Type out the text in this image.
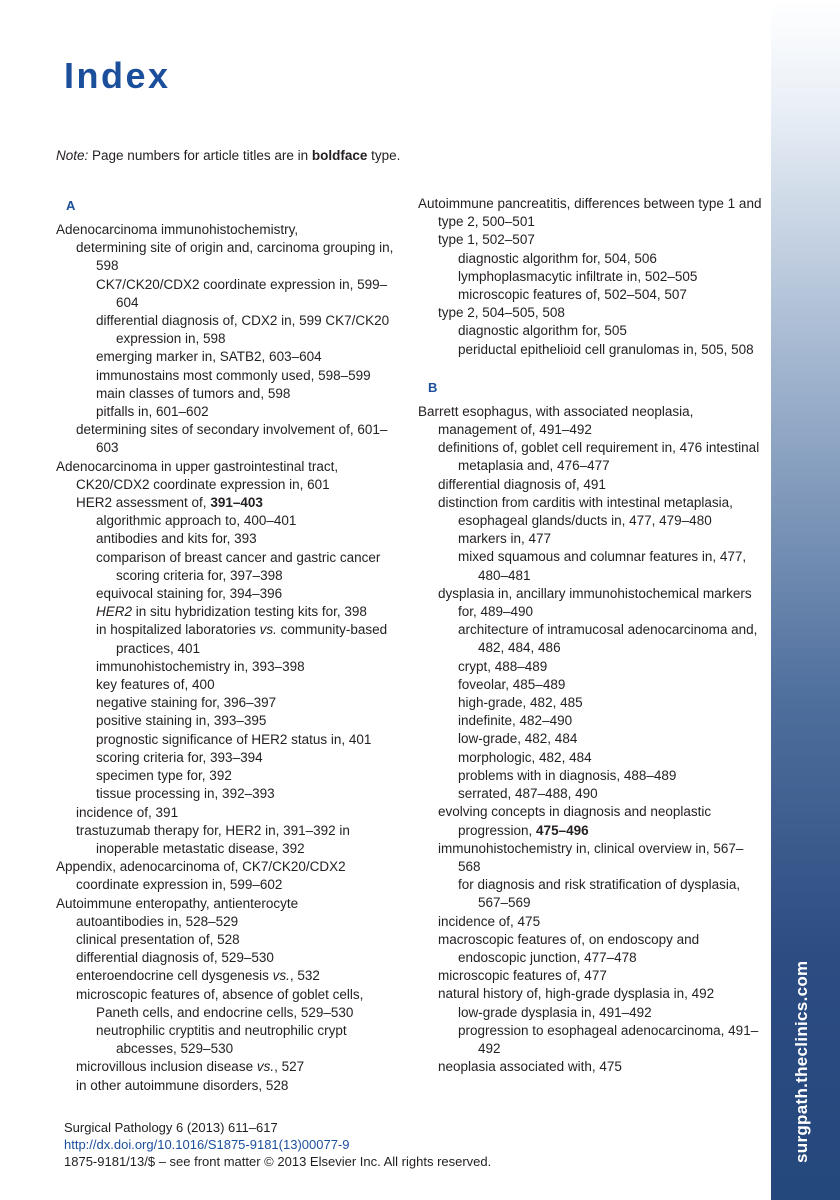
surgpath.theclinics.com
Index
Note: Page numbers for article titles are in boldface type.
A
Adenocarcinoma immunohistochemistry,
determining site of origin and, carcinoma grouping in, 598
CK7/CK20/CDX2 coordinate expression in, 599–604
differential diagnosis of, CDX2 in, 599 CK7/CK20 expression in, 598
emerging marker in, SATB2, 603–604
immunostains most commonly used, 598–599
main classes of tumors and, 598
pitfalls in, 601–602
determining sites of secondary involvement of, 601–603
Adenocarcinoma in upper gastrointestinal tract,
CK20/CDX2 coordinate expression in, 601
HER2 assessment of, 391–403
algorithmic approach to, 400–401
antibodies and kits for, 393
comparison of breast cancer and gastric cancer scoring criteria for, 397–398
equivocal staining for, 394–396
HER2 in situ hybridization testing kits for, 398
in hospitalized laboratories vs. community-based practices, 401
immunohistochemistry in, 393–398
key features of, 400
negative staining for, 396–397
positive staining in, 393–395
prognostic significance of HER2 status in, 401
scoring criteria for, 393–394
specimen type for, 392
tissue processing in, 392–393
incidence of, 391
trastuzumab therapy for, HER2 in, 391–392 in inoperable metastatic disease, 392
Appendix, adenocarcinoma of, CK7/CK20/CDX2 coordinate expression in, 599–602
Autoimmune enteropathy, antienterocyte
autoantibodies in, 528–529
clinical presentation of, 528
differential diagnosis of, 529–530
enteroendocrine cell dysgenesis vs., 532
microscopic features of, absence of goblet cells, Paneth cells, and endocrine cells, 529–530
neutrophilic cryptitis and neutrophilic crypt abcesses, 529–530
microvillous inclusion disease vs., 527
in other autoimmune disorders, 528
Autoimmune pancreatitis, differences between type 1 and type 2, 500–501
type 1, 502–507
diagnostic algorithm for, 504, 506
lymphoplasmacytic infiltrate in, 502–505
microscopic features of, 502–504, 507
type 2, 504–505, 508
diagnostic algorithm for, 505
periductal epithelioid cell granulomas in, 505, 508
B
Barrett esophagus, with associated neoplasia, management of, 491–492
definitions of, goblet cell requirement in, 476 intestinal metaplasia and, 476–477
differential diagnosis of, 491
distinction from carditis with intestinal metaplasia, esophageal glands/ducts in, 477, 479–480
markers in, 477
mixed squamous and columnar features in, 477, 480–481
dysplasia in, ancillary immunohistochemical markers for, 489–490
architecture of intramucosal adenocarcinoma and, 482, 484, 486
crypt, 488–489
foveolar, 485–489
high-grade, 482, 485
indefinite, 482–490
low-grade, 482, 484
morphologic, 482, 484
problems with in diagnosis, 488–489
serrated, 487–488, 490
evolving concepts in diagnosis and neoplastic progression, 475–496
immunohistochemistry in, clinical overview in, 567–568
for diagnosis and risk stratification of dysplasia, 567–569
incidence of, 475
macroscopic features of, on endoscopy and endoscopic junction, 477–478
microscopic features of, 477
natural history of, high-grade dysplasia in, 492
low-grade dysplasia in, 491–492
progression to esophageal adenocarcinoma, 491–492
neoplasia associated with, 475
Surgical Pathology 6 (2013) 611–617
http://dx.doi.org/10.1016/S1875-9181(13)00077-9
1875-9181/13/$ – see front matter © 2013 Elsevier Inc. All rights reserved.
